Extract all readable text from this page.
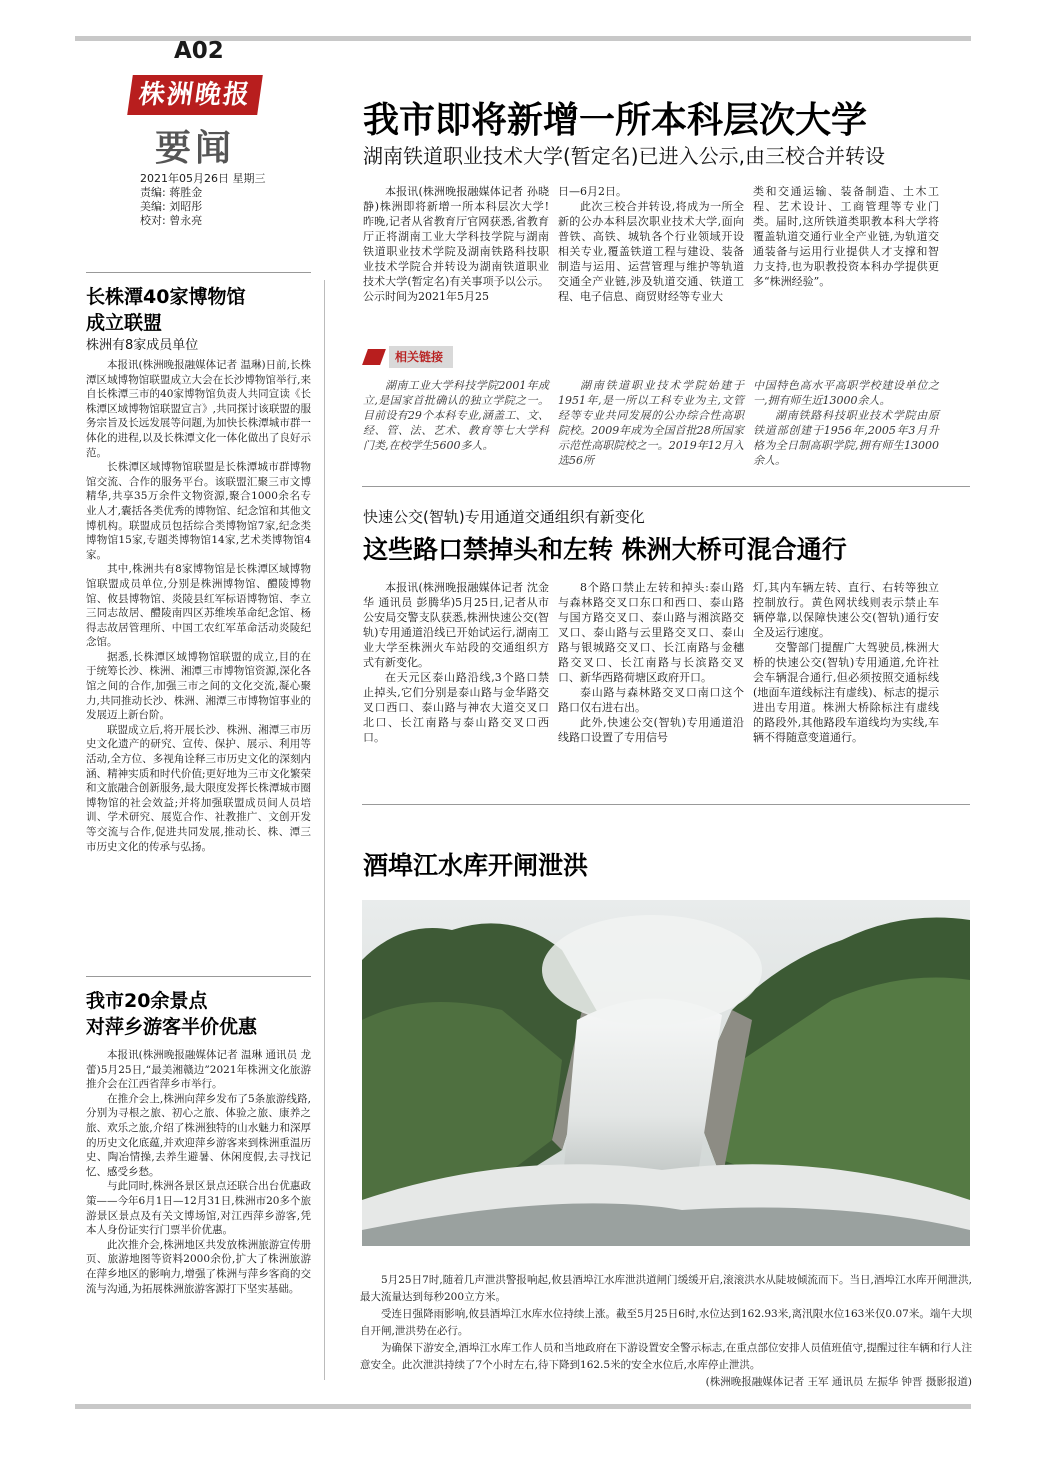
A02
株洲晚报
要闻
2021年05月26日 星期三
责编: 蒋胜金
美编: 刘昭彤
校对: 曾永亮
我市即将新增一所本科层次大学
湖南铁道职业技术大学(暂定名)已进入公示,由三校合并转设

本报讯(株洲晚报融媒体记者 孙晓静)株洲即将新增一所本科层次大学! 昨晚,记者从省教育厅官网获悉,省教育厅正将湖南工业大学科技学院与湖南铁道职业技术学院及湖南铁路科技职业技术学院合并转设为湖南铁道职业技术大学(暂定名)有关事项予以公示。公示时间为2021年5月25

日—6月2日。

此次三校合并转设,将成为一所全新的公办本科层次职业技术大学,面向普铁、高铁、城轨各个行业领域开设相关专业,覆盖铁道工程与建设、装备制造与运用、运营管理与维护等轨道交通全产业链,涉及轨道交通、铁道工程、电子信息、商贸财经等专业大

类和交通运输、装备制造、土木工程、艺术设计、工商管理等专业门类。届时,这所铁道类职教本科大学将覆盖轨道交通行业全产业链,为轨道交通装备与运用行业提供人才支撑和智力支持,也为职教投资本科办学提供更多“株洲经验”。

相关链接

湖南工业大学科技学院2001年成立,是国家首批确认的独立学院之一。目前设有29个本科专业,涵盖工、文、经、管、法、艺术、教育等七大学科门类,在校学生5600多人。

湖南铁道职业技术学院始建于1951年,是一所以工科专业为主,文管经等专业共同发展的公办综合性高职院校。2009年成为全国首批28所国家示范性高职院校之一。2019年12月入选56所

中国特色高水平高职学校建设单位之一,拥有师生近13000余人。

湖南铁路科技职业技术学院由原铁道部创建于1956年,2005年3月升格为全日制高职学院,拥有师生13000余人。

快速公交(智轨)专用通道交通组织有新变化
这些路口禁掉头和左转 株洲大桥可混合通行

本报讯(株洲晚报融媒体记者 沈金华 通讯员 彭腾华)5月25日,记者从市公安局交警支队获悉,株洲快速公交(智轨)专用通道沿线已开始试运行,湖南工业大学至株洲火车站段的交通组织方式有新变化。

在天元区泰山路沿线,3个路口禁止掉头,它们分别是泰山路与金华路交叉口西口、泰山路与神农大道交叉口北口、长江南路与泰山路交叉口西口。

8个路口禁止左转和掉头:泰山路与森林路交叉口东口和西口、泰山路与国方路交叉口、泰山路与湘滨路交叉口、泰山路与云里路交叉口、泰山路与银城路交叉口、长江南路与金穗路交叉口、长江南路与长滨路交叉口、新华西路荷塘区政府开口。

泰山路与森林路交叉口南口这个路口仅右进右出。

此外,快速公交(智轨)专用通道沿线路口设置了专用信号

灯,其内车辆左转、直行、右转等独立控制放行。黄色网状线则表示禁止车辆停靠,以保障快速公交(智轨)通行安全及运行速度。

交警部门提醒广大驾驶员,株洲大桥的快速公交(智轨)专用通道,允许社会车辆混合通行,但必须按照交通标线(地面车道线标注有虚线)、标志的提示进出专用道。株洲大桥除标注有虚线的路段外,其他路段车道线均为实线,车辆不得随意变道通行。

酒埠江水库开闸泄洪

5月25日7时,随着几声泄洪警报响起,攸县酒埠江水库泄洪道闸门缓缓开启,滚滚洪水从陡坡倾流而下。当日,酒埠江水库开闸泄洪,最大流量达到每秒200立方米。

受连日强降雨影响,攸县酒埠江水库水位持续上涨。截至5月25日6时,水位达到162.93米,离汛限水位163米仅0.07米。端午大坝自开闸,泄洪势在必行。

为确保下游安全,酒埠江水库工作人员和当地政府在下游设置安全警示标志,在重点部位安排人员值班值守,提醒过往车辆和行人注意安全。此次泄洪持续了7个小时左右,待下降到162.5米的安全水位后,水库停止泄洪。

(株洲晚报融媒体记者 王军 通讯员 左振华 钟晋 摄影报道)
长株潭40家博物馆
成立联盟
株洲有8家成员单位

本报讯(株洲晚报融媒体记者 温琳)日前,长株潭区域博物馆联盟成立大会在长沙博物馆举行,来自长株潭三市的40家博物馆负责人共同宣读《长株潭区域博物馆联盟宣言》,共同探讨该联盟的服务宗旨及长远发展等问题,为加快长株潭城市群一体化的进程,以及长株潭文化一体化做出了良好示范。

长株潭区域博物馆联盟是长株潭城市群博物馆交流、合作的服务平台。该联盟汇聚三市文博精华,共享35万余件文物资源,聚合1000余名专业人才,囊括各类优秀的博物馆、纪念馆和其他文博机构。联盟成员包括综合类博物馆7家,纪念类博物馆15家,专题类博物馆14家,艺术类博物馆4家。

其中,株洲共有8家博物馆是长株潭区域博物馆联盟成员单位,分别是株洲博物馆、醴陵博物馆、攸县博物馆、炎陵县红军标语博物馆、李立三同志故居、醴陵南四区苏维埃革命纪念馆、杨得志故居管理所、中国工农红军革命活动炎陵纪念馆。

据悉,长株潭区域博物馆联盟的成立,目的在于统筹长沙、株洲、湘潭三市博物馆资源,深化各馆之间的合作,加强三市之间的文化交流,凝心聚力,共同推动长沙、株洲、湘潭三市博物馆事业的发展迈上新台阶。

联盟成立后,将开展长沙、株洲、湘潭三市历史文化遗产的研究、宣传、保护、展示、利用等活动,全方位、多视角诠释三市历史文化的深刻内涵、精神实质和时代价值;更好地为三市文化繁荣和文旅融合创新服务,最大限度发挥长株潭城市圈博物馆的社会效益;并将加强联盟成员间人员培训、学术研究、展览合作、社教推广、文创开发等交流与合作,促进共同发展,推动长、株、潭三市历史文化的传承与弘扬。

我市20余景点
对萍乡游客半价优惠

本报讯(株洲晚报融媒体记者 温琳 通讯员 龙蕾)5月25日,“最美湘赣边”2021年株洲文化旅游推介会在江西省萍乡市举行。

在推介会上,株洲向萍乡发布了5条旅游线路,分别为寻根之旅、初心之旅、体验之旅、康养之旅、欢乐之旅,介绍了株洲独特的山水魅力和深厚的历史文化底蕴,并欢迎萍乡游客来到株洲重温历史、陶冶情操,去养生避暑、休闲度假,去寻找记忆、感受乡愁。

与此同时,株洲各景区景点还联合出台优惠政策——今年6月1日—12月31日,株洲市20多个旅游景区景点及有关文博场馆,对江西萍乡游客,凭本人身份证实行门票半价优惠。

此次推介会,株洲地区共发放株洲旅游宣传册页、旅游地图等资料2000余份,扩大了株洲旅游在萍乡地区的影响力,增强了株洲与萍乡客商的交流与沟通,为拓展株洲旅游客源打下坚实基础。
